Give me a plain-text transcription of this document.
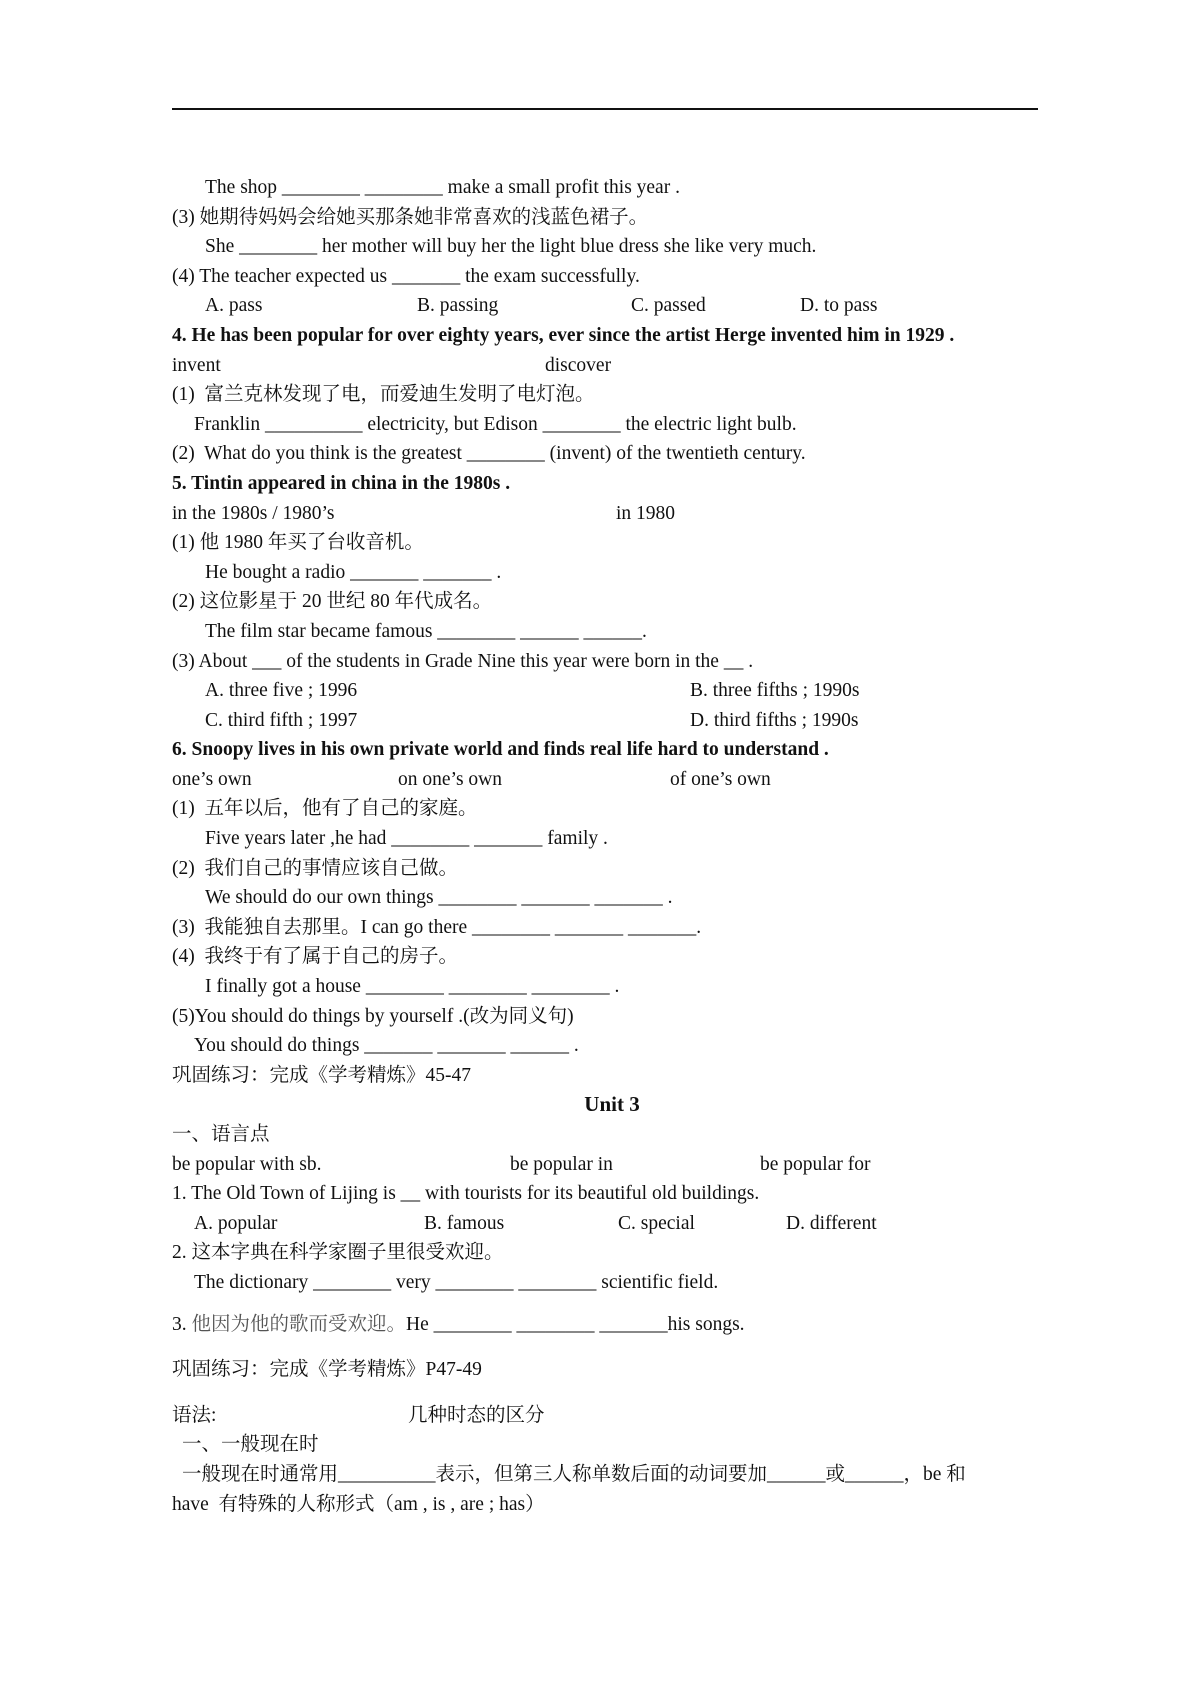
The shop ________ ________ make a small profit this year .
(3) 她期待妈妈会给她买那条她非常喜欢的浅蓝色裙子。
She ________ her mother will buy her the light blue dress she like very much.
(4) The teacher expected us _______ the exam successfully.

A. pass

	B. passing

	C. passed

	D. to pass

4. He has been popular for over eighty years, ever since the artist Herge invented him in 1929 .

invent

	discover

(1)  富兰克林发现了电，而爱迪生发明了电灯泡。
Franklin __________ electricity, but Edison ________ the electric light bulb.
(2)  What do you think is the greatest ________ (invent) of the twentieth century.
5. Tintin appeared in china in the 1980s .

in the 1980s / 1980’s

	in 1980

(1) 他 1980 年买了台收音机。
He bought a radio _______ _______ .
(2) 这位影星于 20 世纪 80 年代成名。
The film star became famous ________ ______ ______.
(3) About ___ of the students in Grade Nine this year were born in the __ .

A. three five ; 1996

	B. three fifths ; 1990s

C. third fifth ; 1997

	D. third fifths ; 1990s

6. Snoopy lives in his own private world and finds real life hard to understand .

one’s own

	on one’s own

	of one’s own

(1)  五年以后，他有了自己的家庭。
Five years later ,he had ________ _______ family .
(2)  我们自己的事情应该自己做。
We should do our own things ________ _______ _______ .
(3)  我能独自去那里。I can go there ________ _______ _______.
(4)  我终于有了属于自己的房子。
I finally got a house ________ ________ ________ .
(5)You should do things by yourself .(改为同义句)
You should do things _______ _______ ______ .
巩固练习：完成《学考精炼》45-47
Unit 3
一、语言点

be popular with sb.

	be popular in

	be popular for

1. The Old Town of Lijing is __ with tourists for its beautiful old buildings.

A. popular

	B. famous

	C. special

	D. different

2. 这本字典在科学家圈子里很受欢迎。
The dictionary ________ very ________ ________ scientific field.
3. 他因为他的歌而受欢迎。He ________ ________ _______his songs.
巩固练习：完成《学考精炼》P47-49

语法:

	几种时态的区分

一、一般现在时
一般现在时通常用__________表示，但第三人称单数后面的动词要加______或______，be 和
have  有特殊的人称形式（am , is , are ; has）
